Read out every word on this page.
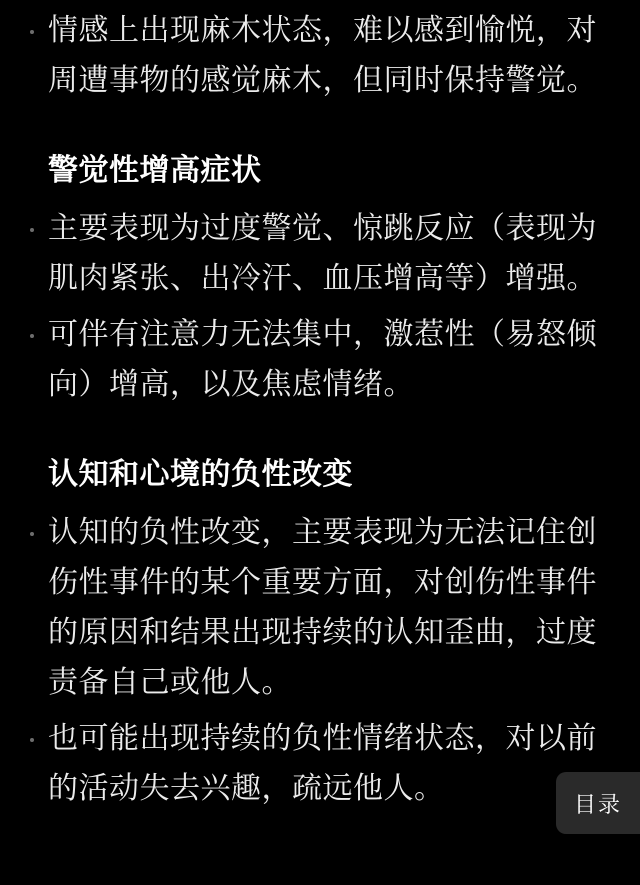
情感上出现麻木状态，难以感到愉悦，对周遭事物的感觉麻木，但同时保持警觉。

警觉性增高症状

主要表现为过度警觉、惊跳反应（表现为肌肉紧张、出冷汗、血压增高等）增强。

可伴有注意力无法集中，激惹性（易怒倾向）增高，以及焦虑情绪。

认知和心境的负性改变

认知的负性改变，主要表现为无法记住创伤性事件的某个重要方面，对创伤性事件的原因和结果出现持续的认知歪曲，过度责备自己或他人。

也可能出现持续的负性情绪状态，对以前的活动失去兴趣，疏远他人。	目录
